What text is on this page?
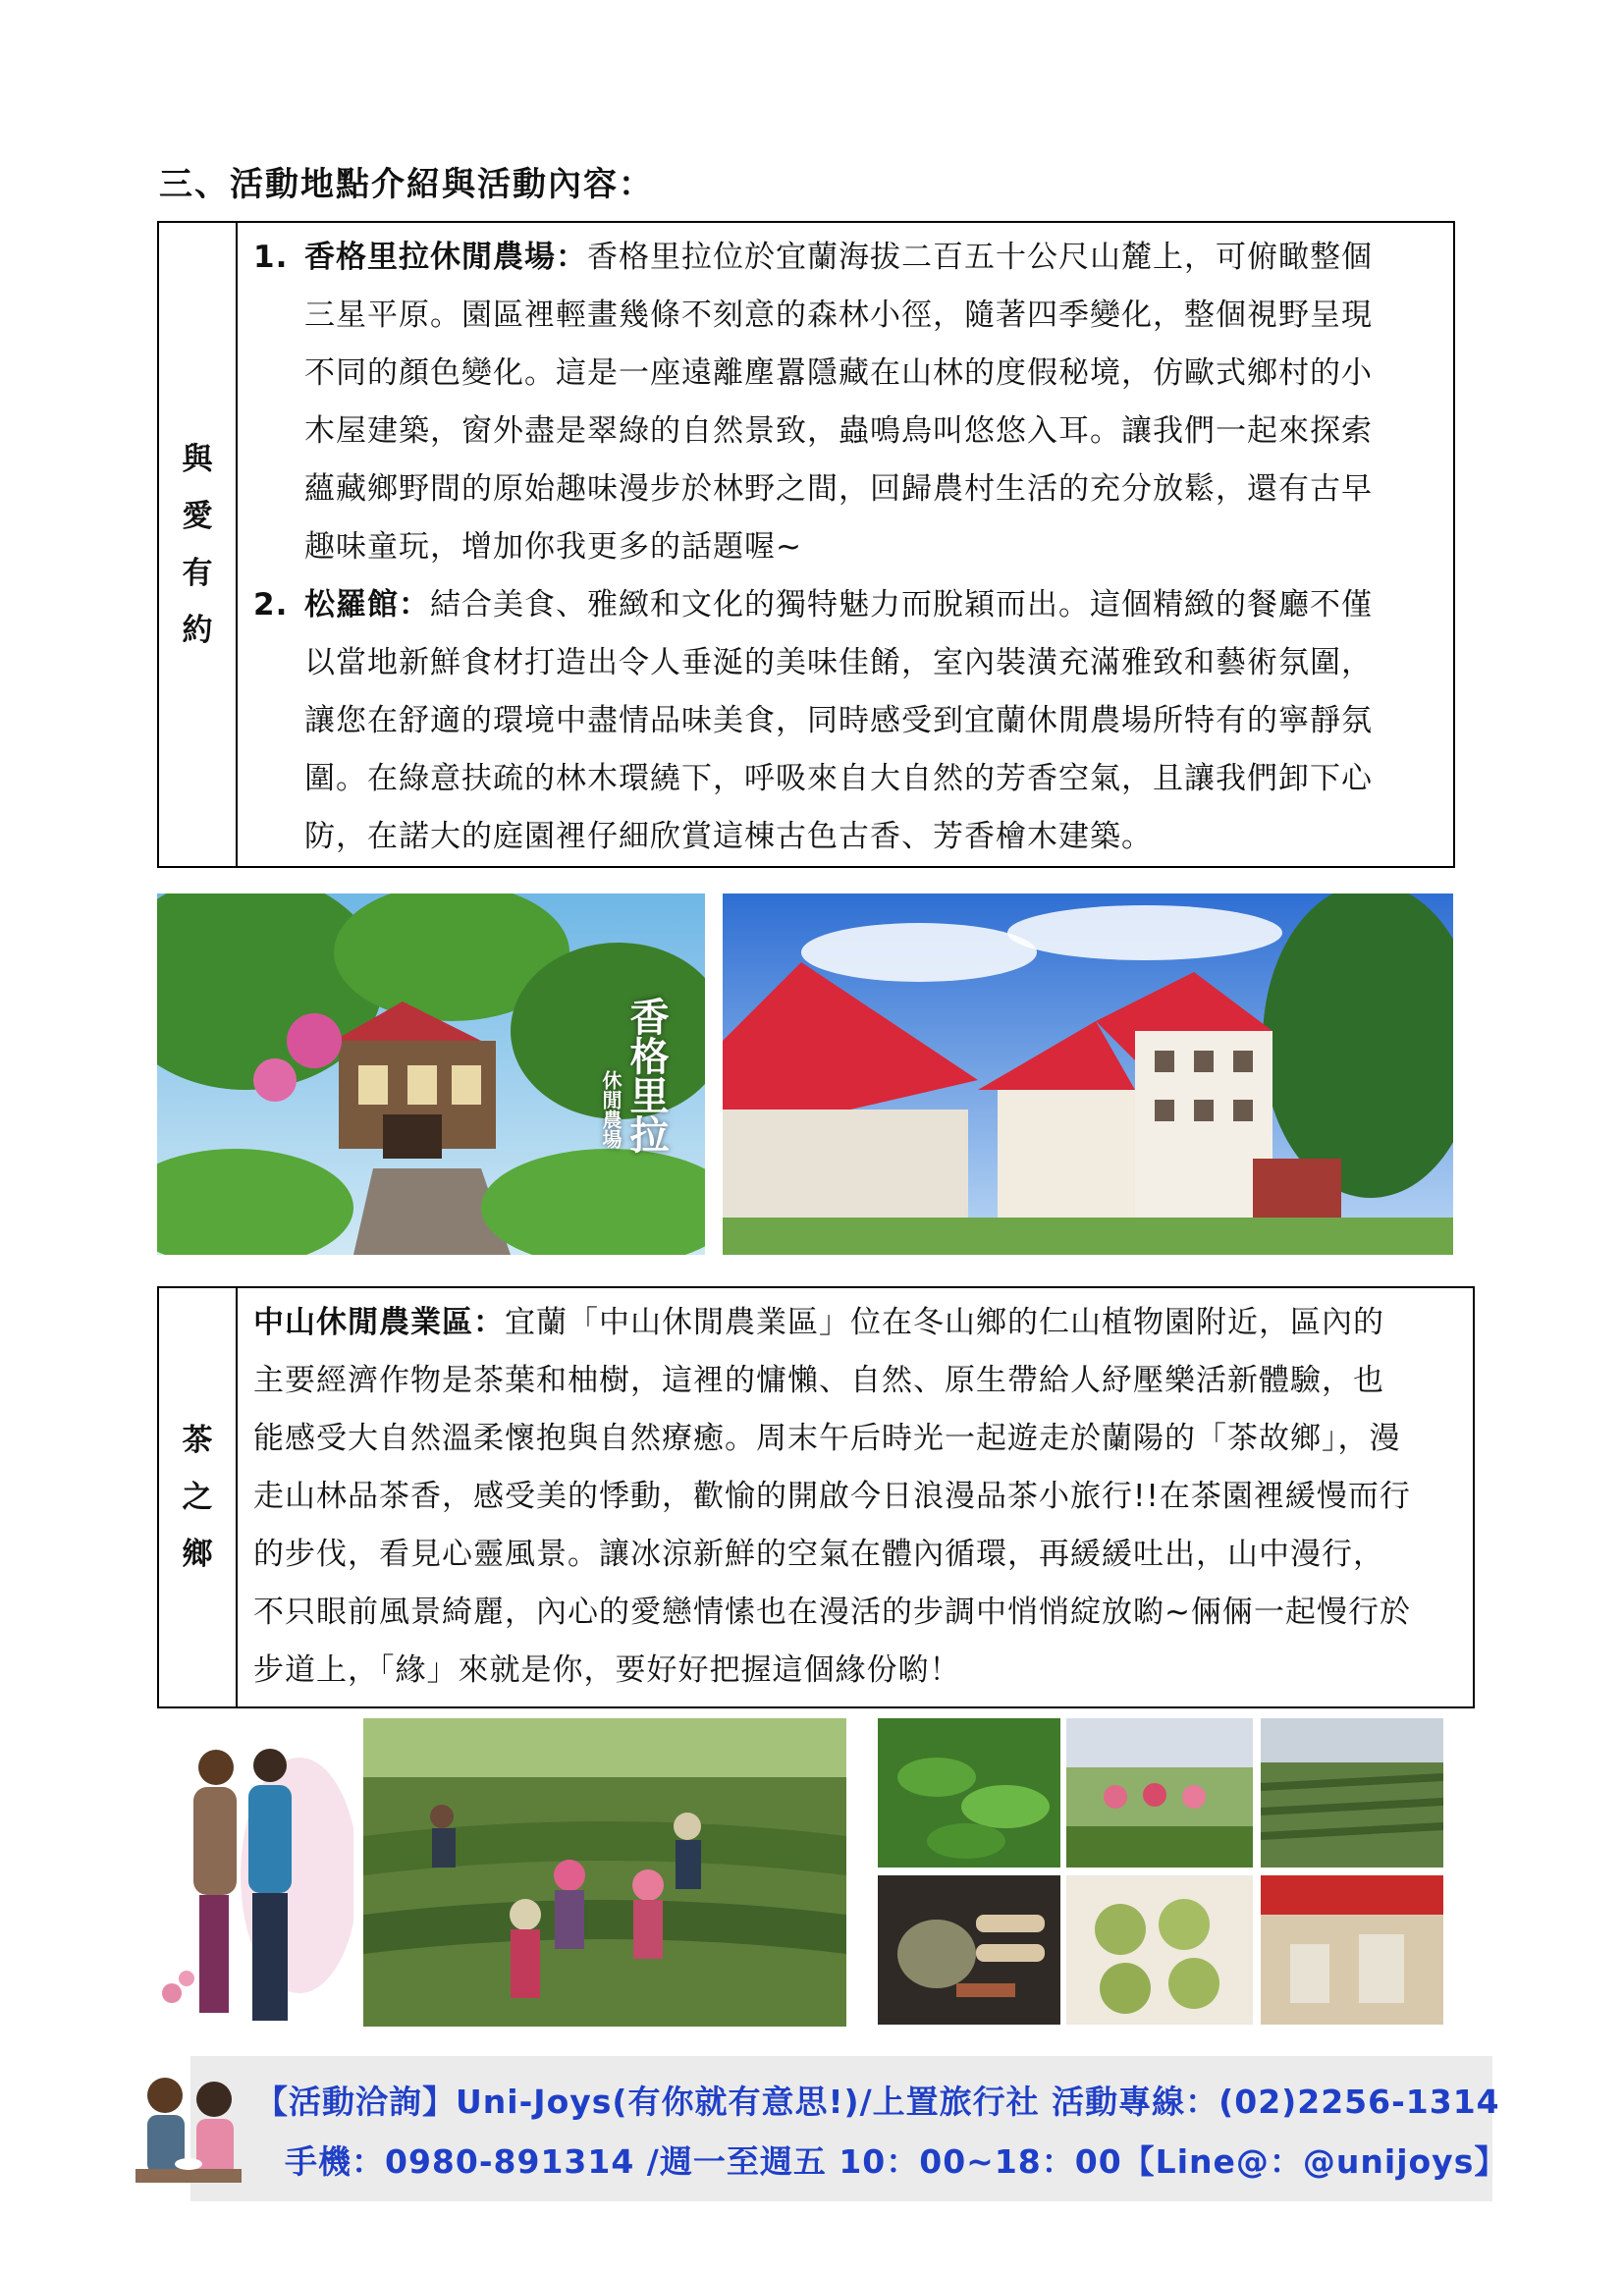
三、活動地點介紹與活動內容：
與
愛
有
約

1. 香格里拉休閒農場：香格里拉位於宜蘭海拔二百五十公尺山麓上，可俯瞰整個
三星平原。園區裡輕畫幾條不刻意的森林小徑，隨著四季變化，整個視野呈現
不同的顏色變化。這是一座遠離塵囂隱藏在山林的度假秘境，仿歐式鄉村的小
木屋建築，窗外盡是翠綠的自然景致，蟲鳴鳥叫悠悠入耳。讓我們一起來探索
蘊藏鄉野間的原始趣味漫步於林野之間，回歸農村生活的充分放鬆，還有古早
趣味童玩，增加你我更多的話題喔~
2. 松羅館：結合美食、雅緻和文化的獨特魅力而脫穎而出。這個精緻的餐廳不僅
以當地新鮮食材打造出令人垂涎的美味佳餚，室內裝潢充滿雅致和藝術氛圍，
讓您在舒適的環境中盡情品味美食，同時感受到宜蘭休閒農場所特有的寧靜氛
圍。在綠意扶疏的林木環繞下，呼吸來自大自然的芳香空氣，且讓我們卸下心
防，在諾大的庭園裡仔細欣賞這棟古色古香、芳香檜木建築。
香格里拉
休閒農場
茶
之
鄉
	中山休閒農業區：宜蘭「中山休閒農業區」位在冬山鄉的仁山植物園附近，區內的
主要經濟作物是茶葉和柚樹，這裡的慵懶、自然、原生帶給人紓壓樂活新體驗，也
能感受大自然溫柔懷抱與自然療癒。周末午后時光一起遊走於蘭陽的「茶故鄉」，漫
走山林品茶香，感受美的悸動，歡愉的開啟今日浪漫品茶小旅行!!在茶園裡緩慢而行
的步伐，看見心靈風景。讓冰涼新鮮的空氣在體內循環，再緩緩吐出，山中漫行，
不只眼前風景綺麗，內心的愛戀情愫也在漫活的步調中悄悄綻放喲~倆倆一起慢行於
步道上，「緣」來就是你，要好好把握這個緣份喲！
【活動洽詢】Uni-Joys(有你就有意思!)/上置旅行社 活動專線：(02)2256-1314
手機：0980-891314 /週一至週五 10：00~18：00【Line@：@unijoys】
